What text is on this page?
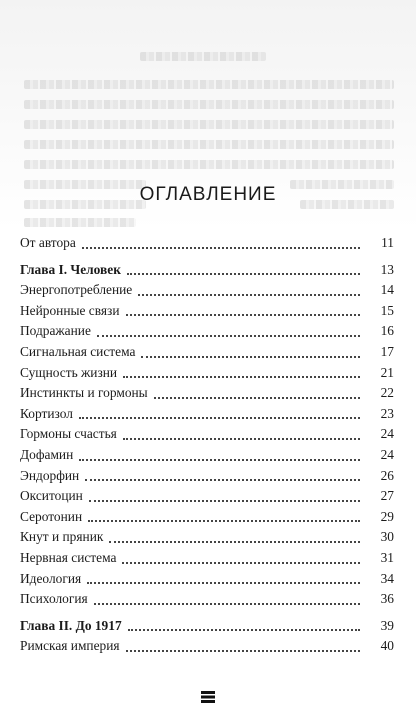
ОГЛАВЛЕНИЕ
От автора	11
Глава I. Человек	13
Энергопотребление	14
Нейронные связи	15
Подражание	16
Сигнальная система	17
Сущность жизни	21
Инстинкты и гормоны	22
Кортизол	23
Гормоны счастья	24
Дофамин	24
Эндорфин	26
Окситоцин	27
Серотонин	29
Кнут и пряник	30
Нервная система	31
Идеология	34
Психология	36
Глава II. До 1917	39
Римская империя	40
